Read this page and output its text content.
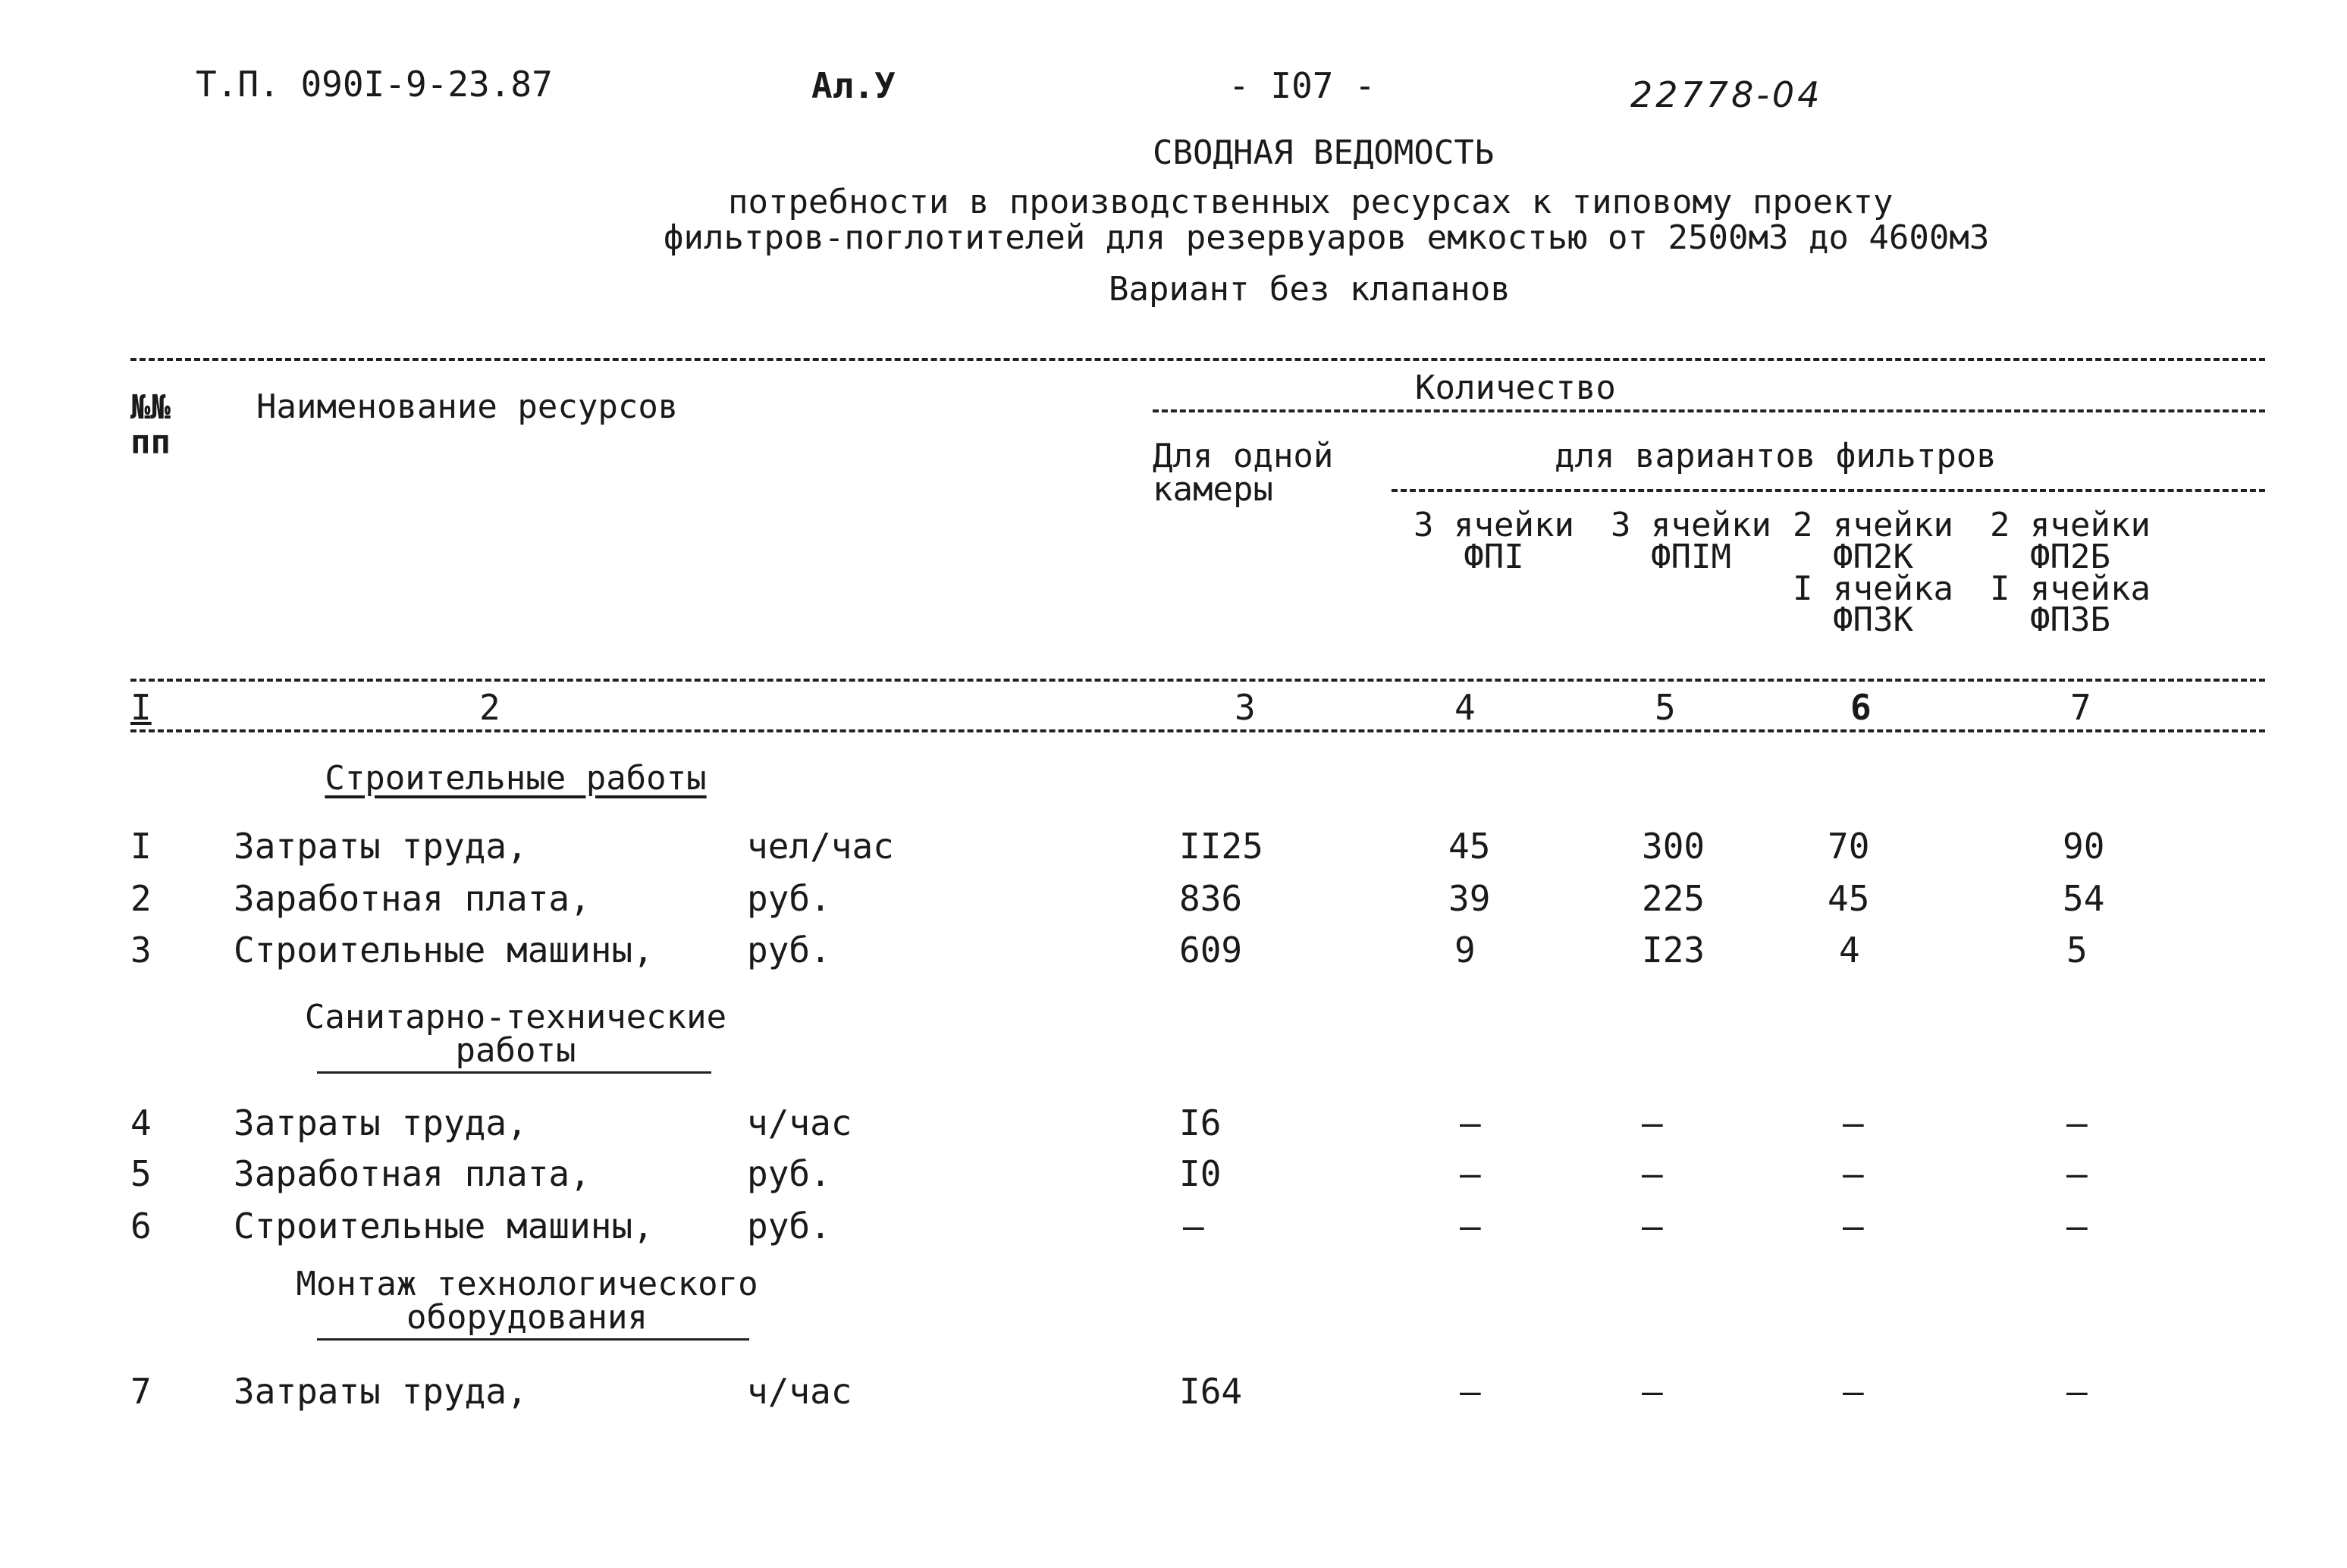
Т.П. 090I-9-23.87	Ал.У	- I07 -	22778-04
СВОДНАЯ ВЕДОМОСТЬ
потребности в производственных ресурсах к типовому проекту
фильтров-поглотителей для резервуаров емкостью от 2500м3 до 4600м3
Вариант без клапанов
№№
пп
Наименование ресурсов	Количество
Для одной
камеры
для вариантов фильтров
3 ячейки
ФПI
3 ячейки
ФПIМ
2 ячейки
ФП2К
I ячейка
ФП3К
2 ячейки
ФП2Б
I ячейка
ФП3Б
I	2	3	4	5	6	7
Строительные работы
I Затраты труда,	чел/час	II25	45	300	70	90
2 Заработная плата,	руб.	836	39	225	45	54
3 Строительные машины,	руб.	609	9	I23	4	5
Санитарно-технические
работы
4 Затраты труда,	ч/час	I6	–	–	–	–
5 Заработная плата,	руб.	I0	–	–	–	–
6 Строительные машины,	руб.	–	–	–	–	–
Монтаж технологического
оборудования
7 Затраты труда,	ч/час	I64	–	–	–	–
